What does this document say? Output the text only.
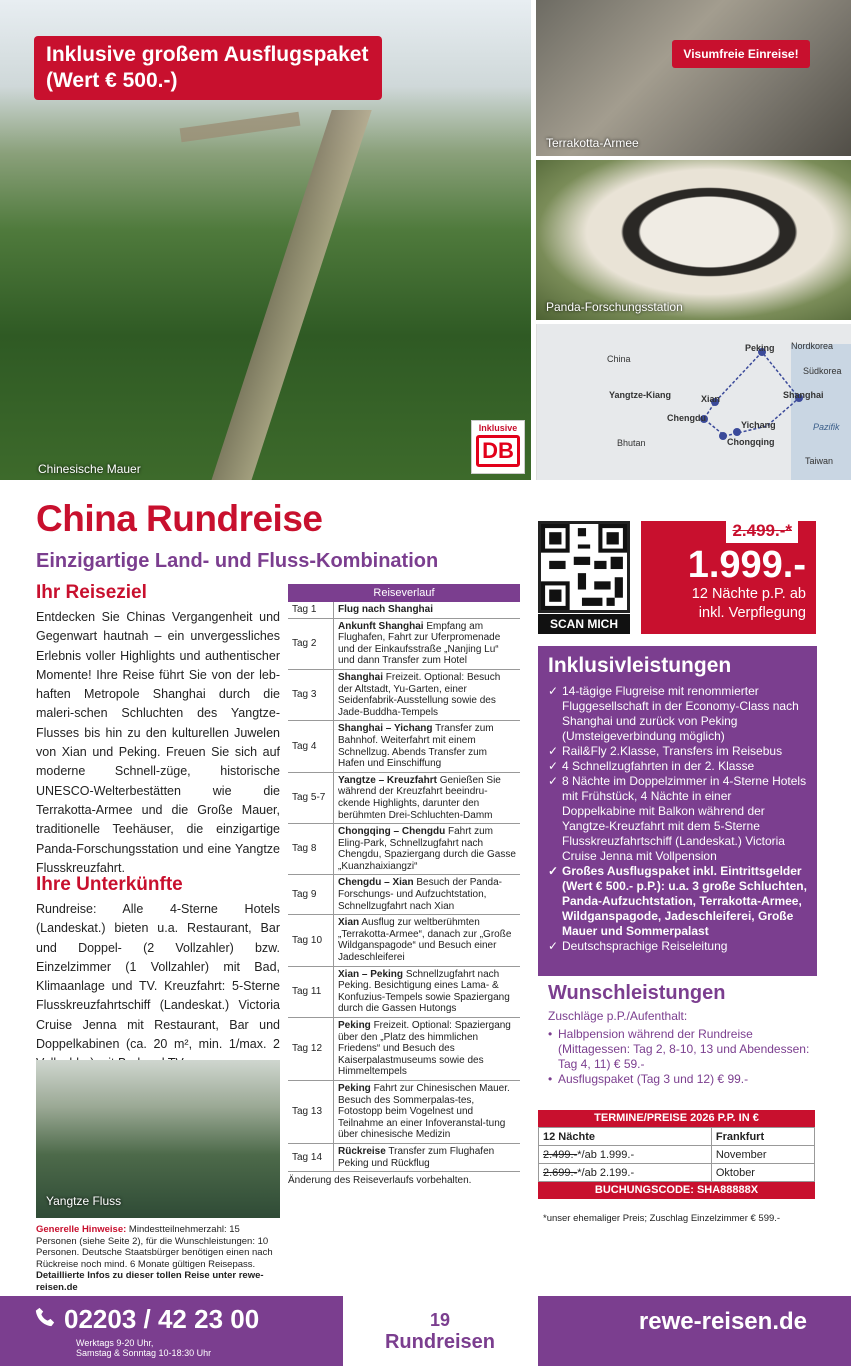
China
Peking Nordkorea
Südkorea
Yangtze-Kiang	Xian	Shanghai
Chengdu
Yichang	Pazifik
Bhutan	Chongqing
Taiwan
Inklusive großem Ausflugspaket
(Wert € 500.-)
Visumfreie Einreise!
Terrakotta-Armee
Panda-Forschungsstation
Chinesische Mauer
Inklusive
DB
China Rundreise
Einzigartige Land- und Fluss-Kombination
Ihr Reiseziel
Entdecken Sie Chinas Vergangenheit und Gegenwart hautnah – ein unvergessliches Erlebnis voller Highlights und authentischer Momente! Ihre Reise führt Sie von der leb-haften Metropole Shanghai durch die maleri-schen Schluchten des Yangtze-Flusses bis hin zu den kulturellen Juwelen von Xian und Peking. Freuen Sie sich auf moderne Schnell-züge, historische UNESCO-Welterbestätten wie die Terrakotta-Armee und die Große Mauer, traditionelle Teehäuser, die einzigartige Panda-Forschungsstation und eine Yangtze Flusskreuzfahrt.
Ihre Unterkünfte
Rundreise: Alle 4-Sterne Hotels (Landeskat.) bieten u.a. Restaurant, Bar und Doppel- (2 Vollzahler) bzw. Einzelzimmer (1 Vollzahler) mit Bad, Klimaanlage und TV. Kreuzfahrt: 5-Sterne Flusskreuzfahrtschiff (Landeskat.) Victoria Cruise Jenna mit Restaurant, Bar und Doppelkabinen (ca. 20 m², min. 1/max. 2
Yangtze Fluss
Generelle Hinweise: Mindestteilnehmerzahl: 15 Personen (siehe Seite 2), für die Wunschleistungen: 10 Personen. Deutsche Staatsbürger benötigen einen nach Rückreise noch mind. 6 Monate gültigen Reisepass. Detaillierte Infos zu dieser tollen Reise unter rewe-reisen.de
Reiseverlauf
Tag 1	Flug nach Shanghai
Tag 2
Ankunft Shanghai Empfang am Flughafen, Fahrt zur Uferpromenade und der Einkaufsstraße „Nanjing Lu“ und dann Transfer zum Hotel
Tag 3
Shanghai Freizeit. Optional: Besuch der Altstadt, Yu-Garten, einer Seidenfabrik-Ausstellung sowie des Jade-Buddha-Tempels
Tag 4
Shanghai – Yichang Transfer zum Bahnhof. Weiterfahrt mit einem Schnellzug. Abends Transfer zum Hafen und Einschiffung
Tag 5-7
Yangtze – Kreuzfahrt Genießen Sie während der Kreuzfahrt beeindru-ckende Highlights, darunter den berühmten Drei-Schluchten-Damm
Tag 8
Chongqing – Chengdu Fahrt zum Eling-Park, Schnellzugfahrt nach Chengdu, Spaziergang durch die Gasse „Kuanzhaixiangzi“
Tag 9
Chengdu – Xian Besuch der Panda-Forschungs- und Aufzuchtstation, Schnellzugfahrt nach Xian
Tag 10
Xian Ausflug zur weltberühmten „Terrakotta-Armee“, danach zur „Große Wildganspagode“ und Besuch einer Jadeschleiferei
Tag 11
Xian – Peking Schnellzugfahrt nach Peking. Besichtigung eines Lama- & Konfuzius-Tempels sowie Spaziergang durch die Gassen Hutongs
Tag 12
Peking Freizeit. Optional: Spaziergang über den „Platz des himmlichen Friedens“ und Besuch des Kaiserpalastmuseums sowie des Himmeltempels
Tag 13
Peking Fahrt zur Chinesischen Mauer. Besuch des Sommerpalas-tes, Fotostopp beim Vogelnest und Teilnahme an einer Infoveranstal-tung über chinesische Medizin
Tag 14
Rückreise Transfer zum Flughafen Peking und Rückflug
Änderung des Reiseverlaufs vorbehalten.
SCAN MICH
2.499.-*
1.999.-
12 Nächte p.P. ab
inkl. Verpflegung
Inklusivleistungen
✓ 14-tägige Flugreise mit renommierter Fluggesellschaft in der Economy-Class nach Shanghai und zurück von Peking (Umsteigeverbindung möglich)
✓ Rail&Fly 2.Klasse, Transfers im Reisebus
✓ 4 Schnellzugfahrten in der 2. Klasse
✓ 8 Nächte im Doppelzimmer in 4-Sterne Hotels mit Frühstück, 4 Nächte in einer Doppelkabine mit Balkon während der Yangtze-Kreuzfahrt mit dem 5-Sterne Flusskreuzfahrtschiff (Landeskat.) Victoria Cruise Jenna mit Vollpension
✓ Großes Ausflugspaket inkl. Eintrittsgelder (Wert € 500.- p.P.): u.a. 3 große Schluchten, Panda-Aufzuchtstation, Terrakotta-Armee, Wildganspagode, Jadeschleiferei, Große Mauer und Sommerpalast
✓ Deutschsprachige Reiseleitung
Wunschleistungen
Zuschläge p.P./Aufenthalt:
• Halbpension während der Rundreise (Mittagessen: Tag 2, 8-10, 13 und Abendessen: Tag 4, 11) € 59.-
• Ausflugspaket (Tag 3 und 12) € 99.-
TERMINE/PREISE 2026 P.P. IN €
12 Nächte	Frankfurt
2.499.-*/ab 1.999.-	November
2.699.-*/ab 2.199.-	Oktober
BUCHUNGSCODE: SHA88888X
*unser ehemaliger Preis; Zuschlag Einzelzimmer € 599.-
02203 / 42 23 00
Werktags 9-20 Uhr,
Samstag & Sonntag 10-18:30 Uhr
19
Rundreisen
rewe-reisen.de
